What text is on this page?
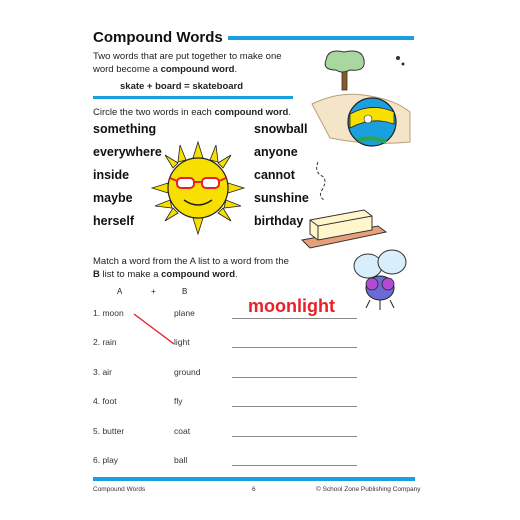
Compound Words
Two words that are put together to make one
word become a compound word.
skate + board = skateboard
Circle the two words in each compound word.
something
everywhere
inside
maybe
herself
snowball
anyone
cannot
sunshine
birthday
Match a word from the A list to a word from the
B list to make a compound word.
A	+	B
1. moon	plane
2. rain	light
3. air	ground
4. foot	fly
5. butter	coat
6. play	ball
moonlight
Compound Words	6	© School Zone Publishing Company
